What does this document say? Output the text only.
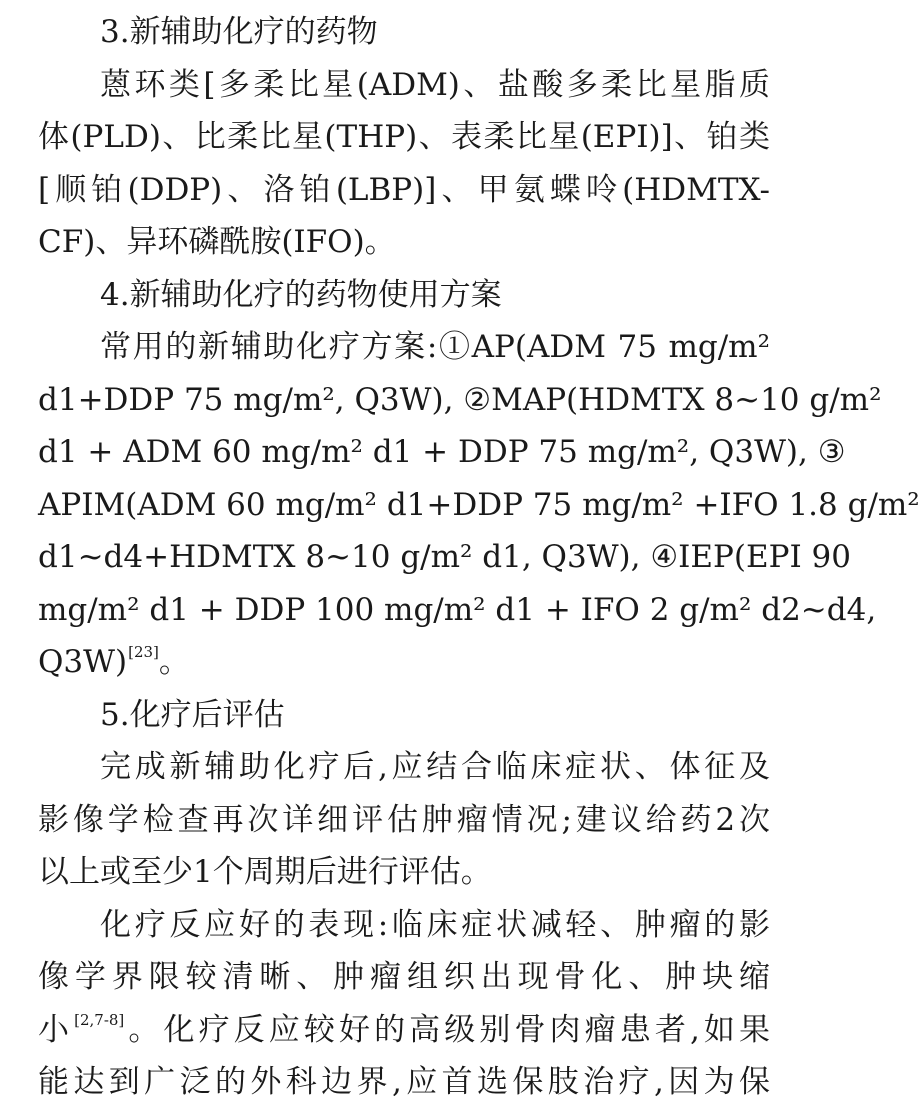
3.新辅助化疗的药物
蒽环类[多柔比星(ADM)、盐酸多柔比星脂质
体(PLD)、比柔比星(THP)、表柔比星(EPI)]、铂类
[顺铂(DDP)、洛铂(LBP)]、甲氨蝶呤(HDMTX-
CF)、异环磷酰胺(IFO)。
4.新辅助化疗的药物使用方案
常用的新辅助化疗方案:①AP(ADM 75 mg/m²
d1+DDP 75 mg/m², Q3W), ②MAP(HDMTX 8~10 g/m²
d1 + ADM 60 mg/m² d1 + DDP 75 mg/m², Q3W), ③
APIM(ADM 60 mg/m² d1+DDP 75 mg/m² +IFO 1.8 g/m²
d1~d4+HDMTX 8~10 g/m² d1, Q3W), ④IEP(EPI 90
mg/m² d1 + DDP 100 mg/m² d1 + IFO 2 g/m² d2~d4,
Q3W)[23]。
5.化疗后评估
完成新辅助化疗后,应结合临床症状、体征及
影像学检查再次详细评估肿瘤情况;建议给药2次
以上或至少1个周期后进行评估。
化疗反应好的表现:临床症状减轻、肿瘤的影
像学界限较清晰、肿瘤组织出现骨化、肿块缩
小[2,7-8]。化疗反应较好的高级别骨肉瘤患者,如果
能达到广泛的外科边界,应首选保肢治疗,因为保
